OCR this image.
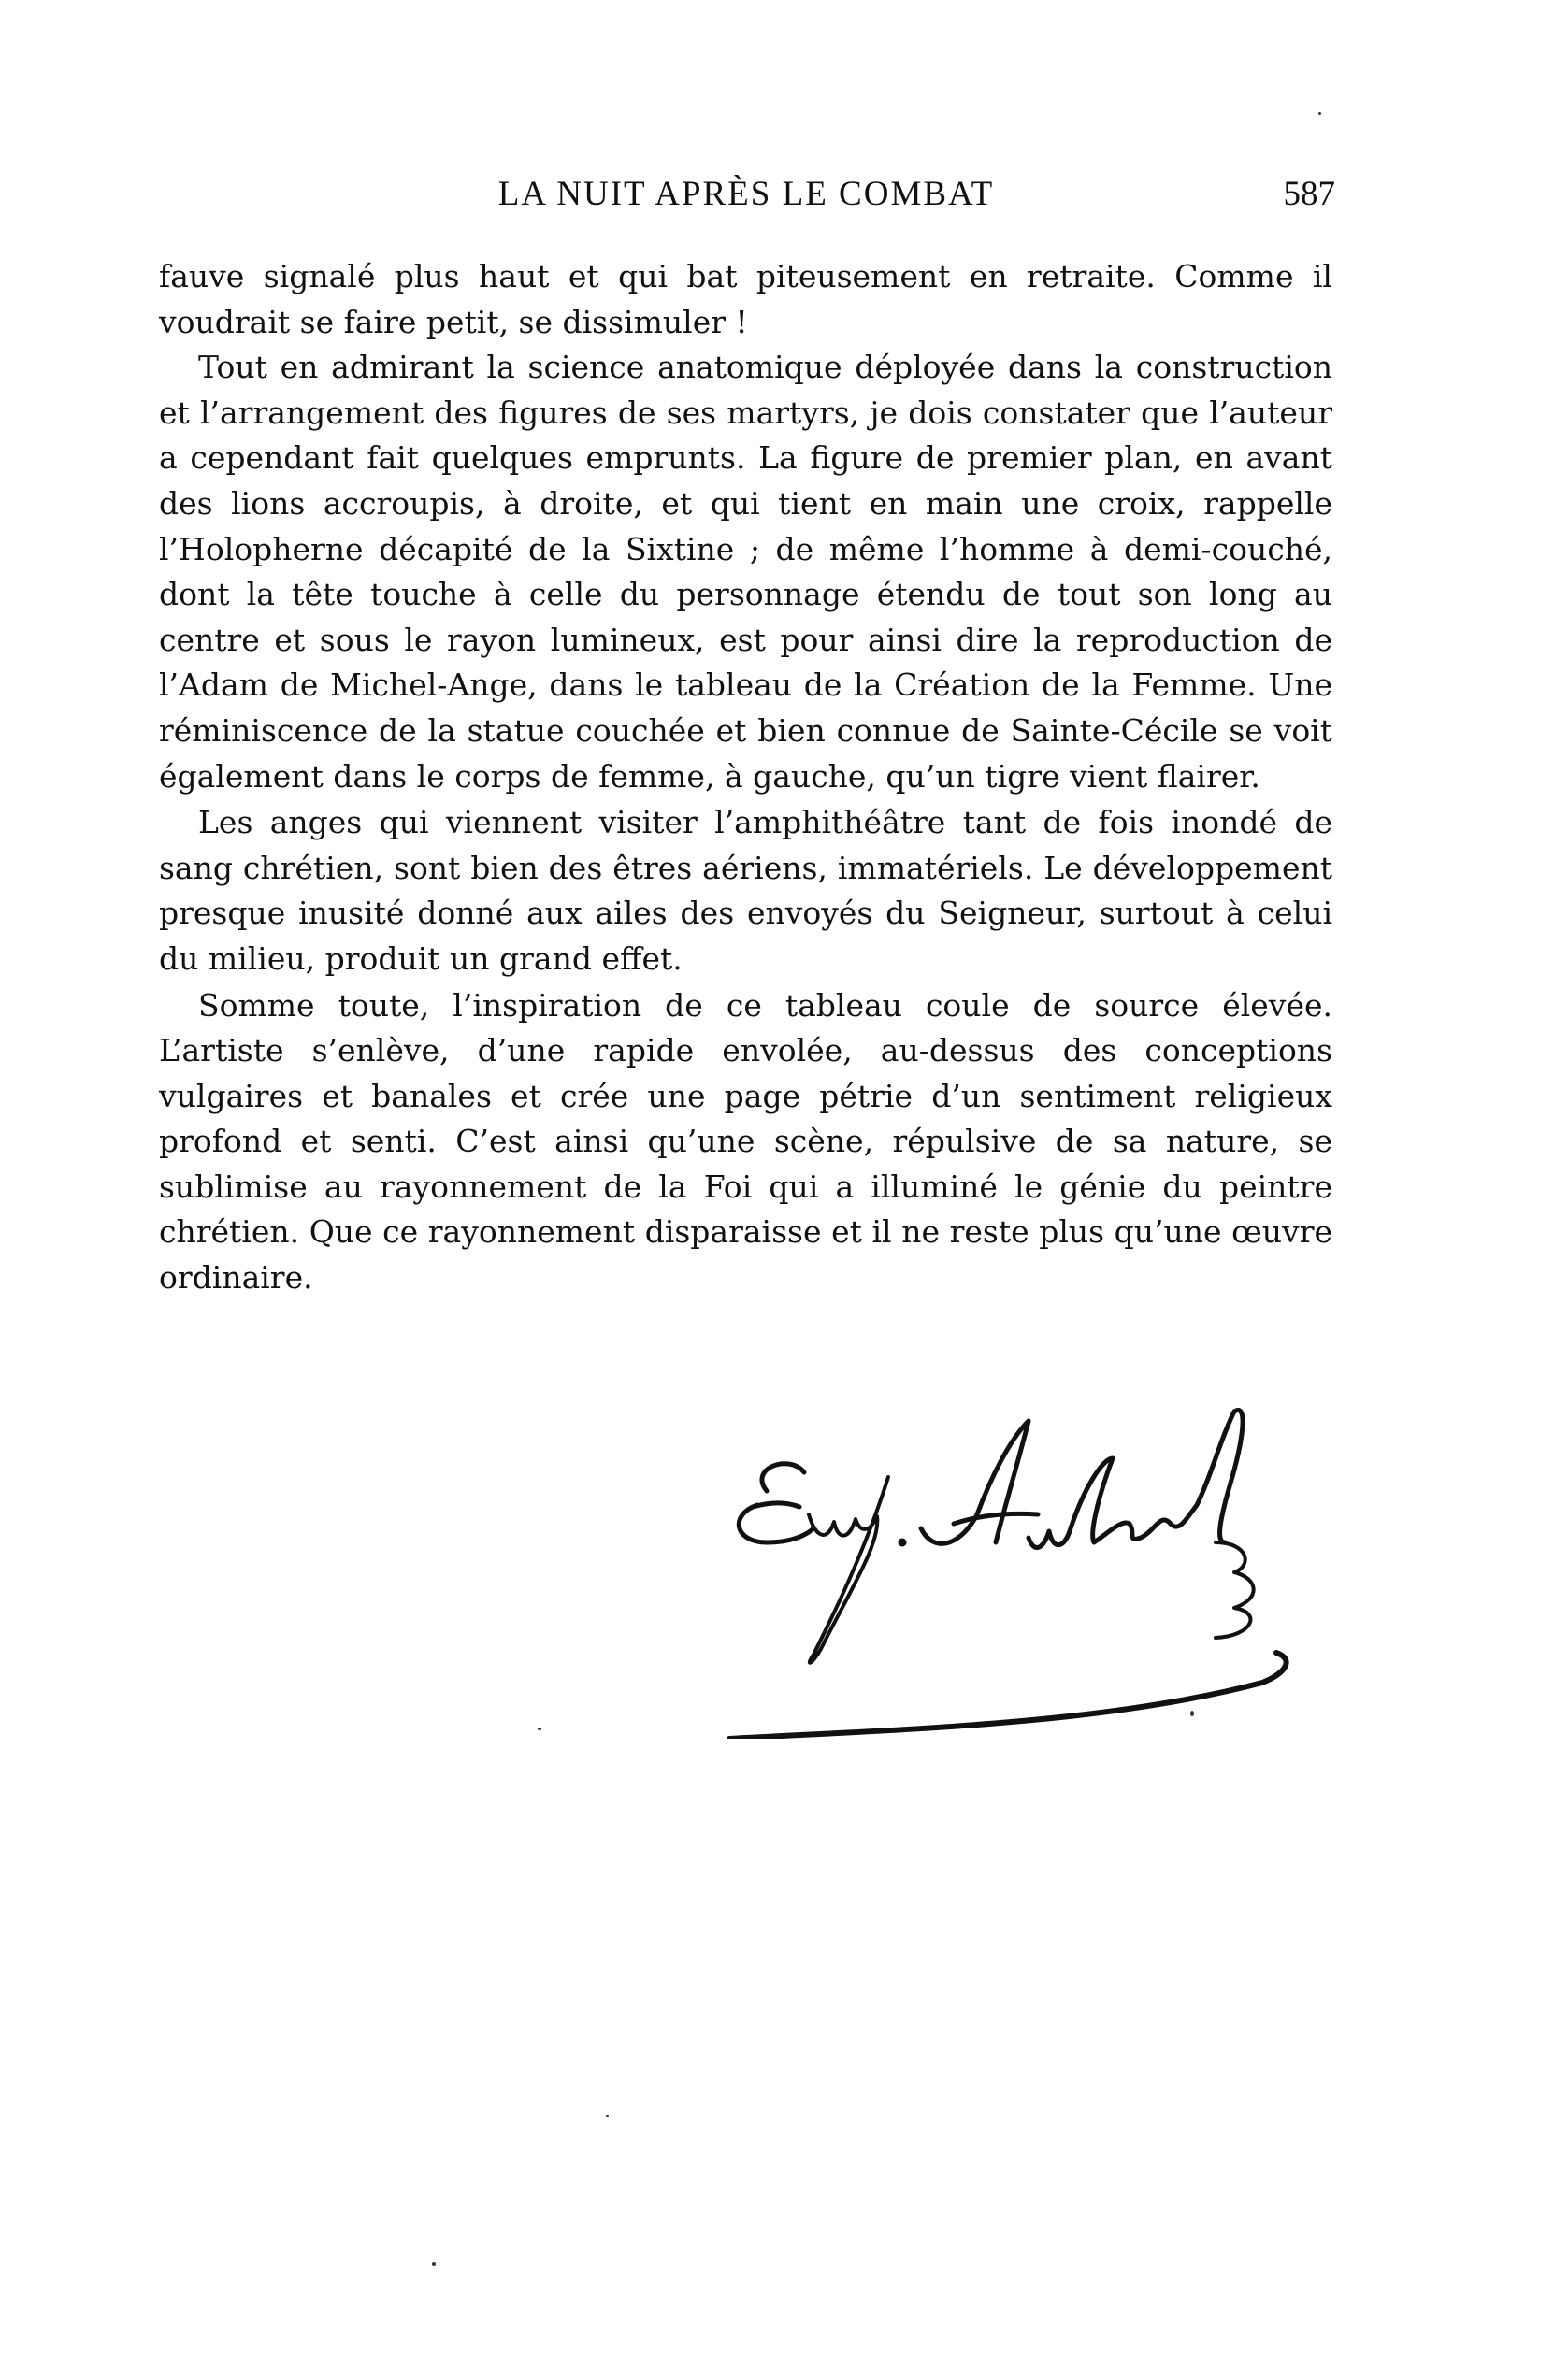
LA NUIT APRÈS LE COMBAT	587

fauve signalé plus haut et qui bat piteusement en retraite. Comme il voudrait se faire petit, se dissimuler !

Tout en admirant la science anatomique déployée dans la construction et l’arrangement des figures de ses martyrs, je dois constater que l’auteur a cependant fait quelques emprunts. La figure de premier plan, en avant des lions accroupis, à droite, et qui tient en main une croix, rappelle l’Holopherne décapité de la Sixtine ; de même l’homme à demi-couché, dont la tête touche à celle du personnage étendu de tout son long au centre et sous le rayon lumineux, est pour ainsi dire la reproduction de l’Adam de Michel-Ange, dans le tableau de la Création de la Femme. Une réminiscence de la statue couchée et bien connue de Sainte-Cécile se voit également dans le corps de femme, à gauche, qu’un tigre vient flairer.

Les anges qui viennent visiter l’amphithéâtre tant de fois inondé de sang chrétien, sont bien des êtres aériens, immatériels. Le développement presque inusité donné aux ailes des envoyés du Seigneur, surtout à celui du milieu, produit un grand effet.

Somme toute, l’inspiration de ce tableau coule de source élevée. L’artiste s’enlève, d’une rapide envolée, au-dessus des conceptions vulgaires et banales et crée une page pétrie d’un sentiment religieux profond et senti. C’est ainsi qu’une scène, répulsive de sa nature, se sublimise au rayonnement de la Foi qui a illuminé le génie du peintre chrétien. Que ce rayonnement disparaisse et il ne reste plus qu’une œuvre ordinaire.
